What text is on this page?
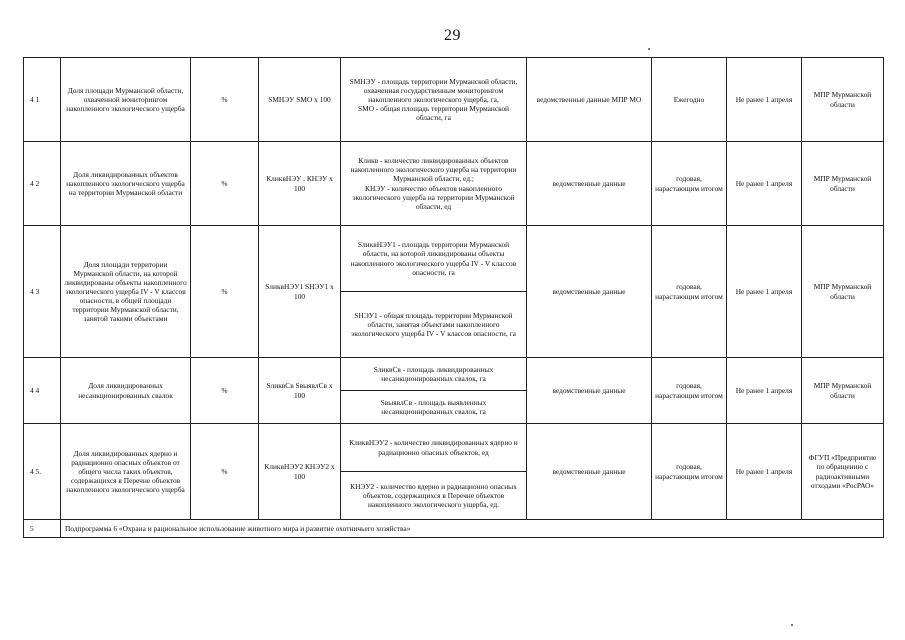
29
4 1	Доля площади Мурманской области, охваченной мониторингом накопленного экологического ущерба	%	SМНЭУ SМО х 100	SМНЭУ - площадь территории Мурманской области, охваченная государственным мониторингом накопленного экологического ущерба, га,
SМО - общая площадь территории Мурманской области, га	ведомственные данные МПР МО	Ежегодно	Не ранее 1 апреля	МПР Мурманской области
4 2	Доля ликвидированных объектов накопленного экологического ущерба на территории Мурманской области	%	КликвНЭУ . КНЭУ х 100	Кликв - количество ликвидированных объектов накопленного экологического ущерба на территории Мурманской области, ед.;
КНЭУ - количество объектов накопленного экологического ущерба на территории Мурманской области, ед	ведомственные данные	годовая, нарастающим итогом	Не ранее 1 апреля	МПР Мурманской области
4 3	Доля площади территории Мурманской области, на которой ликвидированы объекты накопленного экологического ущерба IV - V классов опасности, в общей площади территории Мурманской области, занятой такими объектами	%	SликвНЭУ1 SНЭУ1 х 100	SликвНЭУ1 - площадь территории Мурманской области, на которой ликвидированы объекты накопленного экологического ущерба IV - V классов опасности, га	ведомственные данные	годовая, нарастающим итогом	Не ранее 1 апреля	МПР Мурманской области
				SНЭУ1 - общая площадь территории Мурманской области, занятая объектами накопленного экологического ущерба IV - V классов опасности, га				
4 4	Доля ликвидированных несанкционированных свалок	%	SликвСв SвыявлСв х 100	SликвСв - площадь ликвидированных несанкционированных свалок, га	ведомственные данные	годовая, нарастающим итогом	Не ранее 1 апреля	МПР Мурманской области
				SвыявлСв - площадь выявленных несанкционированных свалок, га				
4 5.	Доля ликвидированных ядерно и радиационно опасных объектов от общего числа таких объектов, содержащихся в Перечне объектов накопленного экологического ущерба	%	КликвНЭУ2 КНЭУ2 х 100	КликвНЭУ2 - количество ликвидированных ядерно и радиационно опасных объектов, ед	ведомственные данные	годовая, нарастающим итогом	Не ранее 1 апреля	ФГУП «Предприятие по обращению с радиоактивными отходами «РосРАО»
				КНЭУ2 - количество ядерно и радиационно опасных объектов, содержащихся в Перечне объектов накопленного экологического ущерба, ед.				
5	Подпрограмма 6 «Охрана и рациональное использование животного мира и развитие охотничьего хозяйства»							
